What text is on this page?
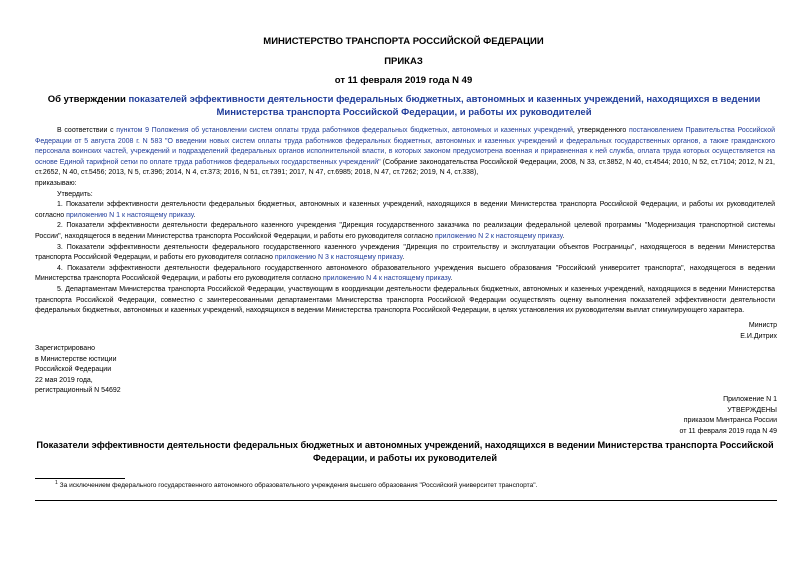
МИНИСТЕРСТВО ТРАНСПОРТА РОССИЙСКОЙ ФЕДЕРАЦИИ
ПРИКАЗ
от 11 февраля 2019 года N 49
Об утверждении показателей эффективности деятельности федеральных бюджетных, автономных и казенных учреждений, находящихся в ведении Министерства транспорта Российской Федерации, и работы их руководителей

В соответствии с пунктом 9 Положения об установлении систем оплаты труда работников федеральных бюджетных, автономных и казенных учреждений, утвержденного постановлением Правительства Российской Федерации от 5 августа 2008 г. N 583 "О введении новых систем оплаты труда работников федеральных бюджетных, автономных и казенных учреждений и федеральных государственных органов, а также гражданского персонала воинских частей, учреждений и подразделений федеральных органов исполнительной власти, в которых законом предусмотрена военная и приравненная к ней служба, оплата труда которых осуществляется на основе Единой тарифной сетки по оплате труда работников федеральных государственных учреждений" (Собрание законодательства Российской Федерации, 2008, N 33, ст.3852, N 40, ст.4544; 2010, N 52, ст.7104; 2012, N 21, ст.2652, N 40, ст.5456; 2013, N 5, ст.396; 2014, N 4, ст.373; 2016, N 51, ст.7391; 2017, N 47, ст.6985; 2018, N 47, ст.7262; 2019, N 4, ст.338),

приказываю:

Утвердить:

1. Показатели эффективности деятельности федеральных бюджетных, автономных и казенных учреждений, находящихся в ведении Министерства транспорта Российской Федерации, и работы их руководителей согласно приложению N 1 к настоящему приказу.

2. Показатели эффективности деятельности федерального казенного учреждения "Дирекция государственного заказчика по реализации федеральной целевой программы "Модернизация транспортной системы России", находящегося в ведении Министерства транспорта Российской Федерации, и работы его руководителя согласно приложению N 2 к настоящему приказу.

3. Показатели эффективности деятельности федерального государственного казенного учреждения "Дирекция по строительству и эксплуатации объектов Росграницы", находящегося в ведении Министерства транспорта Российской Федерации, и работы его руководителя согласно приложению N 3 к настоящему приказу.

4. Показатели эффективности деятельности федерального государственного автономного образовательного учреждения высшего образования "Российский университет транспорта", находящегося в ведении Министерства транспорта Российской Федерации, и работы его руководителя согласно приложению N 4 к настоящему приказу.

5. Департаментам Министерства транспорта Российской Федерации, участвующим в координации деятельности федеральных бюджетных, автономных и казенных учреждений, находящихся в ведении Министерства транспорта Российской Федерации, совместно с заинтересованными департаментами Министерства транспорта Российской Федерации осуществлять оценку выполнения показателей эффективности деятельности федеральных бюджетных, автономных и казенных учреждений, находящихся в ведении Министерства транспорта Российской Федерации, в целях установления их руководителям выплат стимулирующего характера.

Министр
Е.И.Дитрих
Зарегистрировано
в Министерстве юстиции
Российской Федерации
22 мая 2019 года,
регистрационный N 54692
Приложение N 1
УТВЕРЖДЕНЫ
приказом Минтранса России
от 11 февраля 2019 года N 49
Показатели эффективности деятельности федеральных бюджетных и автономных учреждений, находящихся в ведении Министерства транспорта Российской Федерации, и работы их руководителей
$^1$ За исключением федерального государственного автономного образовательного учреждения высшего образования "Российский университет транспорта".
